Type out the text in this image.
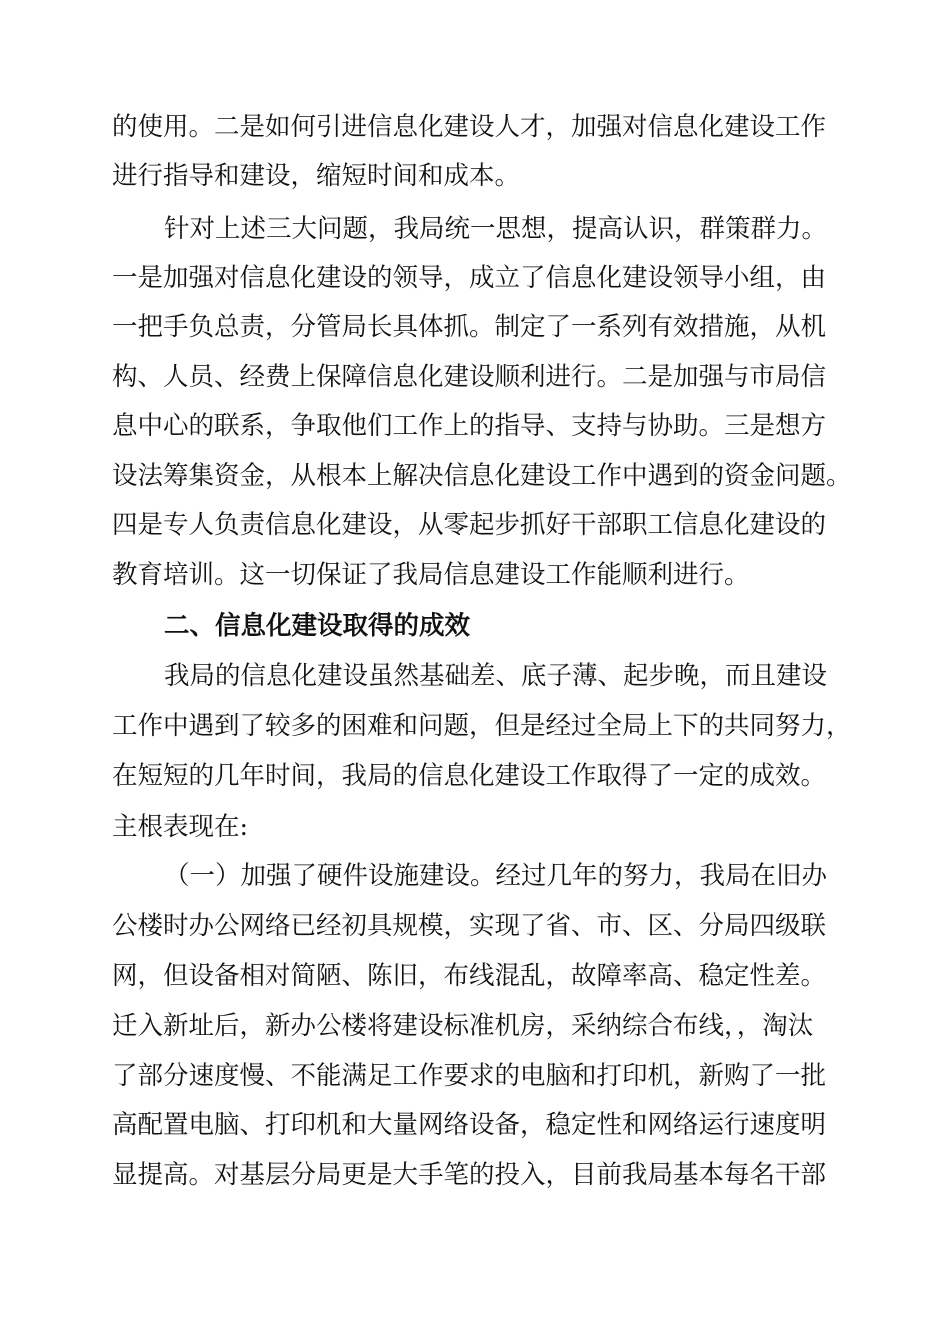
的使用。二是如何引进信息化建设人才，加强对信息化建设工作
进行指导和建设，缩短时间和成本。
针对上述三大问题，我局统一思想，提高认识，群策群力。
一是加强对信息化建设的领导，成立了信息化建设领导小组，由
一把手负总责，分管局长具体抓。制定了一系列有效措施，从机
构、人员、经费上保障信息化建设顺利进行。二是加强与市局信
息中心的联系，争取他们工作上的指导、支持与协助。三是想方
设法筹集资金，从根本上解决信息化建设工作中遇到的资金问题。
四是专人负责信息化建设，从零起步抓好干部职工信息化建设的
教育培训。这一切保证了我局信息建设工作能顺利进行。
二、信息化建设取得的成效
我局的信息化建设虽然基础差、底子薄、起步晚，而且建设
工作中遇到了较多的困难和问题，但是经过全局上下的共同努力，
在短短的几年时间，我局的信息化建设工作取得了一定的成效。
主根表现在:
（一）加强了硬件设施建设。经过几年的努力，我局在旧办
公楼时办公网络已经初具规模，实现了省、市、区、分局四级联
网，但设备相对简陋、陈旧，布线混乱，故障率高、稳定性差。
迁入新址后，新办公楼将建设标准机房，采纳综合布线，，淘汰
了部分速度慢、不能满足工作要求的电脑和打印机，新购了一批
高配置电脑、打印机和大量网络设备，稳定性和网络运行速度明
显提高。对基层分局更是大手笔的投入，目前我局基本每名干部
